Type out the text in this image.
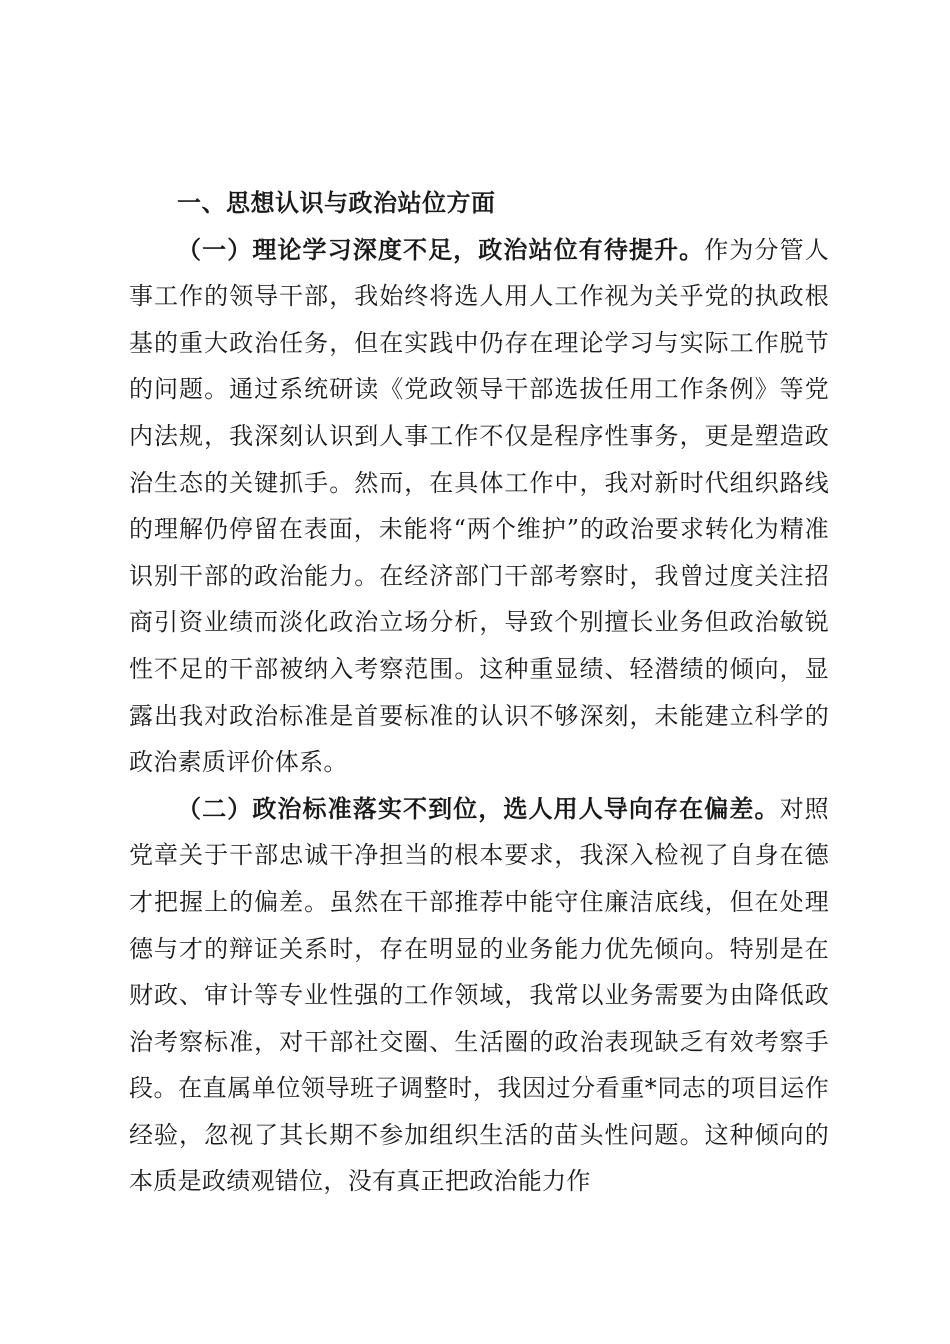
一、思想认识与政治站位方面

（一）理论学习深度不足，政治站位有待提升。作为分管人事工作的领导干部，我始终将选人用人工作视为关乎党的执政根基的重大政治任务，但在实践中仍存在理论学习与实际工作脱节的问题。通过系统研读《党政领导干部选拔任用工作条例》等党内法规，我深刻认识到人事工作不仅是程序性事务，更是塑造政治生态的关键抓手。然而，在具体工作中，我对新时代组织路线的理解仍停留在表面，未能将“两个维护”的政治要求转化为精准识别干部的政治能力。在经济部门干部考察时，我曾过度关注招商引资业绩而淡化政治立场分析，导致个别擅长业务但政治敏锐性不足的干部被纳入考察范围。这种重显绩、轻潜绩的倾向，显露出我对政治标准是首要标准的认识不够深刻，未能建立科学的政治素质评价体系。

（二）政治标准落实不到位，选人用人导向存在偏差。对照党章关于干部忠诚干净担当的根本要求，我深入检视了自身在德才把握上的偏差。虽然在干部推荐中能守住廉洁底线，但在处理德与才的辩证关系时，存在明显的业务能力优先倾向。特别是在财政、审计等专业性强的工作领域，我常以业务需要为由降低政治考察标准，对干部社交圈、生活圈的政治表现缺乏有效考察手段。在直属单位领导班子调整时，我因过分看重*同志的项目运作经验，忽视了其长期不参加组织生活的苗头性问题。这种倾向的本质是政绩观错位，没有真正把政治能力作
